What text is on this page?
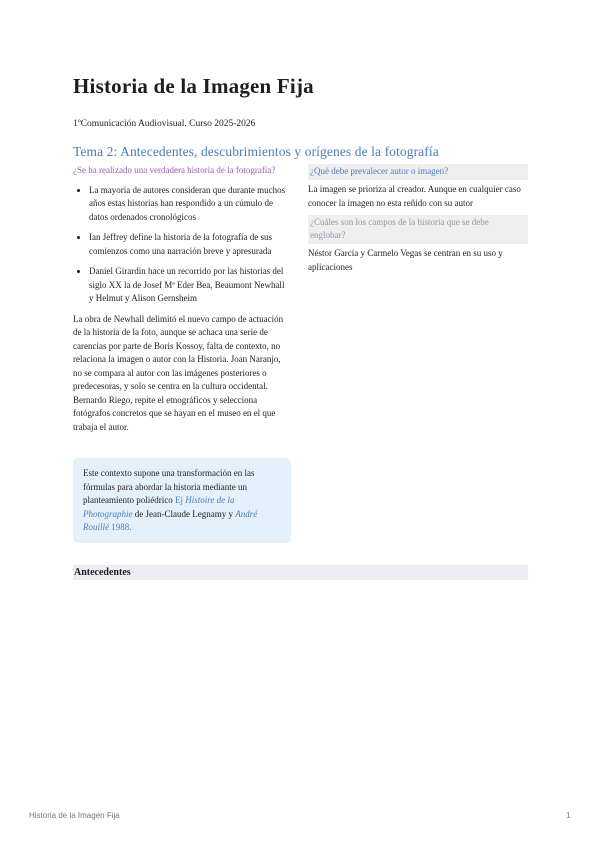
Historia de la Imagen Fija

1ºComunicación Audiovisual. Curso 2025-2026

Tema 2: Antecedentes, descubrimientos y orígenes de la fotografía

¿Se ha realizado una verdadera historia de la fotografía?

• La mayoría de autores consideran que durante muchos años estas historias han respondido a un cúmulo de datos ordenados cronológicos
• Ian Jeffrey define la historia de la fotografía de sus comienzos como una narración breve y apresurada
• Daniel Girardin hace un recorrido por las historias del siglo XX la de Josef Mª Eder Bea, Beaumont Newhall y Helmut y Alison Gernsheim

La obra de Newhall delimitó el nuevo campo de actuación de la historia de la foto, aunque se achaca una serie de carencias por parte de Boris Kossoy, falta de contexto, no relaciona la imagen o autor con la Historia. Joan Naranjo, no se compara al autor con las imágenes posteriores o predecesoras, y solo se centra en la cultura occidental. Bernardo Riego, repite el etnográficos y selecciona fotógrafos concretos que se hayan en el museo en el que trabaja el autor.

Este contexto supone una transformación en las fórmulas para abordar la historia mediante un planteamiento poliédrico Ej Histoire de la Photographie de Jean-Claude Legnamy y André Rouillé 1988.

¿Qué debe prevalecer autor o imagen?

La imagen se prioriza al creador. Aunque en cualquier caso conocer la imagen no esta reñido con su autor

¿Cuáles son los campos de la historia que se debe englobar?

Néstor García y Carmelo Vegas se centran en su uso y aplicaciones

Antecedentes
Historia de la Imagen Fija	1
